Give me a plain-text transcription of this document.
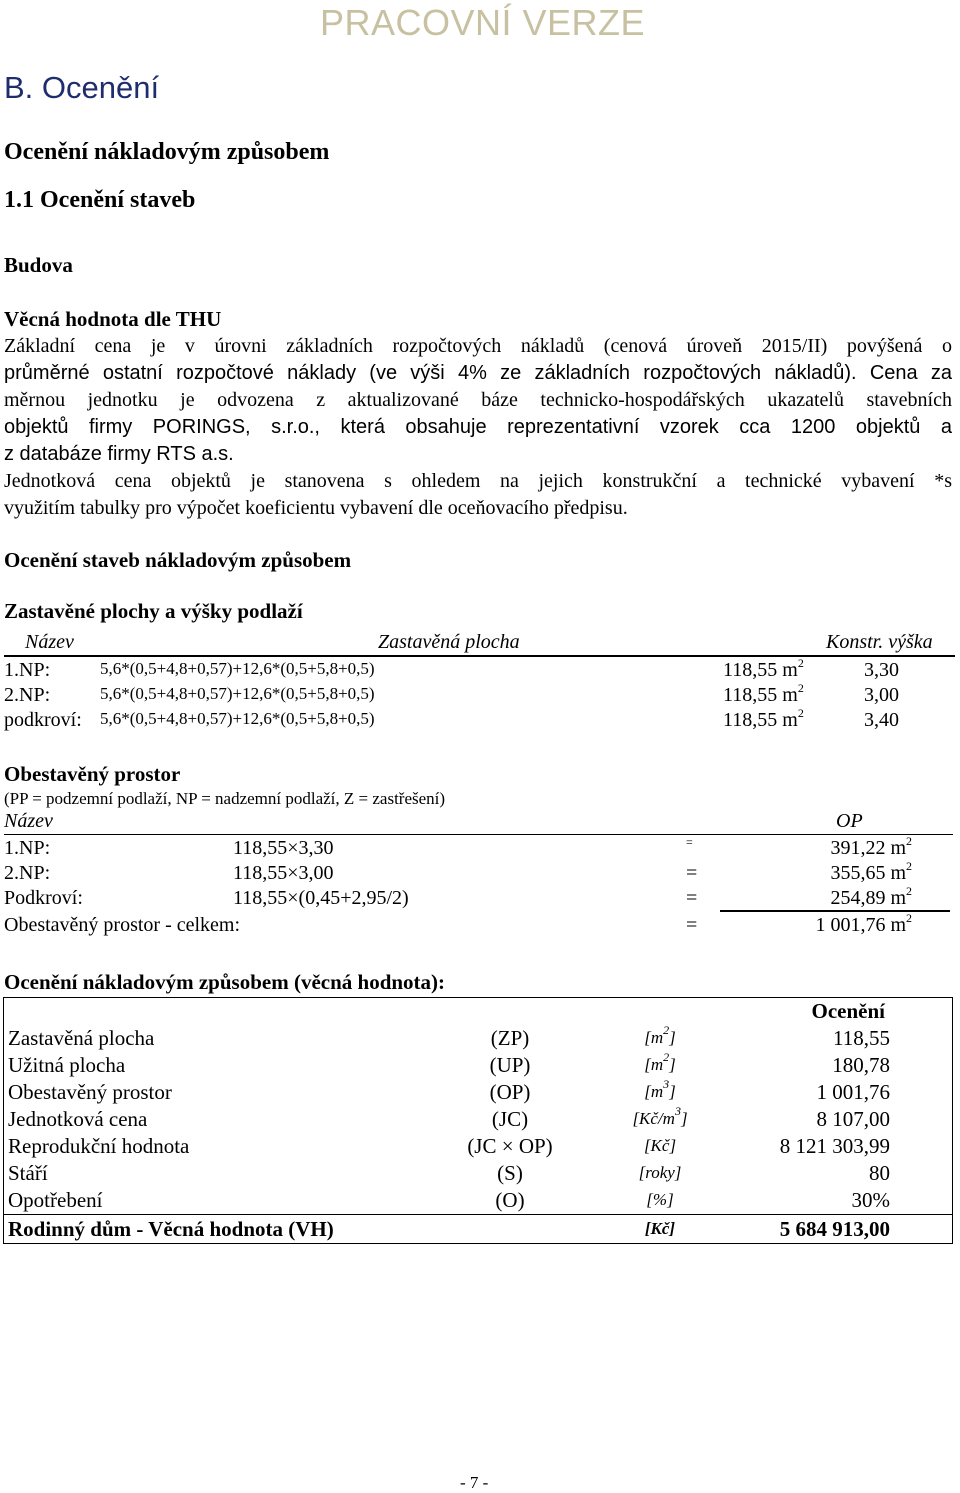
PRACOVNÍ VERZE
B. Ocenění
Ocenění nákladovým způsobem
1.1 Ocenění staveb
Budova
Věcná hodnota dle THU
Základní cena je v úrovni základních rozpočtových nákladů (cenová úroveň 2015/II) povýšená o
průměrné ostatní rozpočtové náklady (ve výši 4% ze základních rozpočtových nákladů). Cena za
měrnou jednotku je odvozena z aktualizované báze technicko-hospodářských ukazatelů stavebních
objektů firmy PORINGS, s.r.o., která obsahuje reprezentativní vzorek cca 1200 objektů a
z databáze firmy RTS a.s.
Jednotková cena objektů je stanovena s ohledem na jejich konstrukční a technické vybavení *s
využitím tabulky pro výpočet koeficientu vybavení dle oceňovacího předpisu.
Ocenění staveb nákladovým způsobem
Zastavěné plochy a výšky podlaží
Název	Zastavěná plocha	Konstr. výška
1.NP:	5,6*(0,5+4,8+0,57)+12,6*(0,5+5,8+0,5)	118,55 $m^2$	3,30
2.NP:	5,6*(0,5+4,8+0,57)+12,6*(0,5+5,8+0,5)	118,55 $m^2$	3,00
podkroví: 5,6*(0,5+4,8+0,57)+12,6*(0,5+5,8+0,5)	118,55 $m^2$	3,40
Obestavěný prostor
(PP = podzemní podlaží, NP = nadzemní podlaží, Z = zastřešení)
Název	OP
1.NP:	118,55×3,30	=	391,22 $m^2$
2.NP:	118,55×3,00	=	355,65 $m^2$
Podkroví:	118,55×(0,45+2,95/2)	=	254,89 $m^2$
Obestavěný prostor - celkem:	=	1 001,76 $m^2$
Ocenění nákladovým způsobem (věcná hodnota):
Ocenění
Zastavěná plocha	(ZP)	$[m^2]$	118,55
Užitná plocha	(UP)	$[m^2]$	180,78
Obestavěný prostor	(OP)	$[m^3]$	1 001,76
Jednotková cena	(JC)	$[Kč/m^3]$	8 107,00
Reprodukční hodnota	(JC × OP)	[Kč]	8 121 303,99
Stáří	(S)	[roky]	80
Opotřebení	(O)	[%]	30%
Rodinný dům - Věcná hodnota (VH)	[Kč]	5 684 913,00
- 7 -
